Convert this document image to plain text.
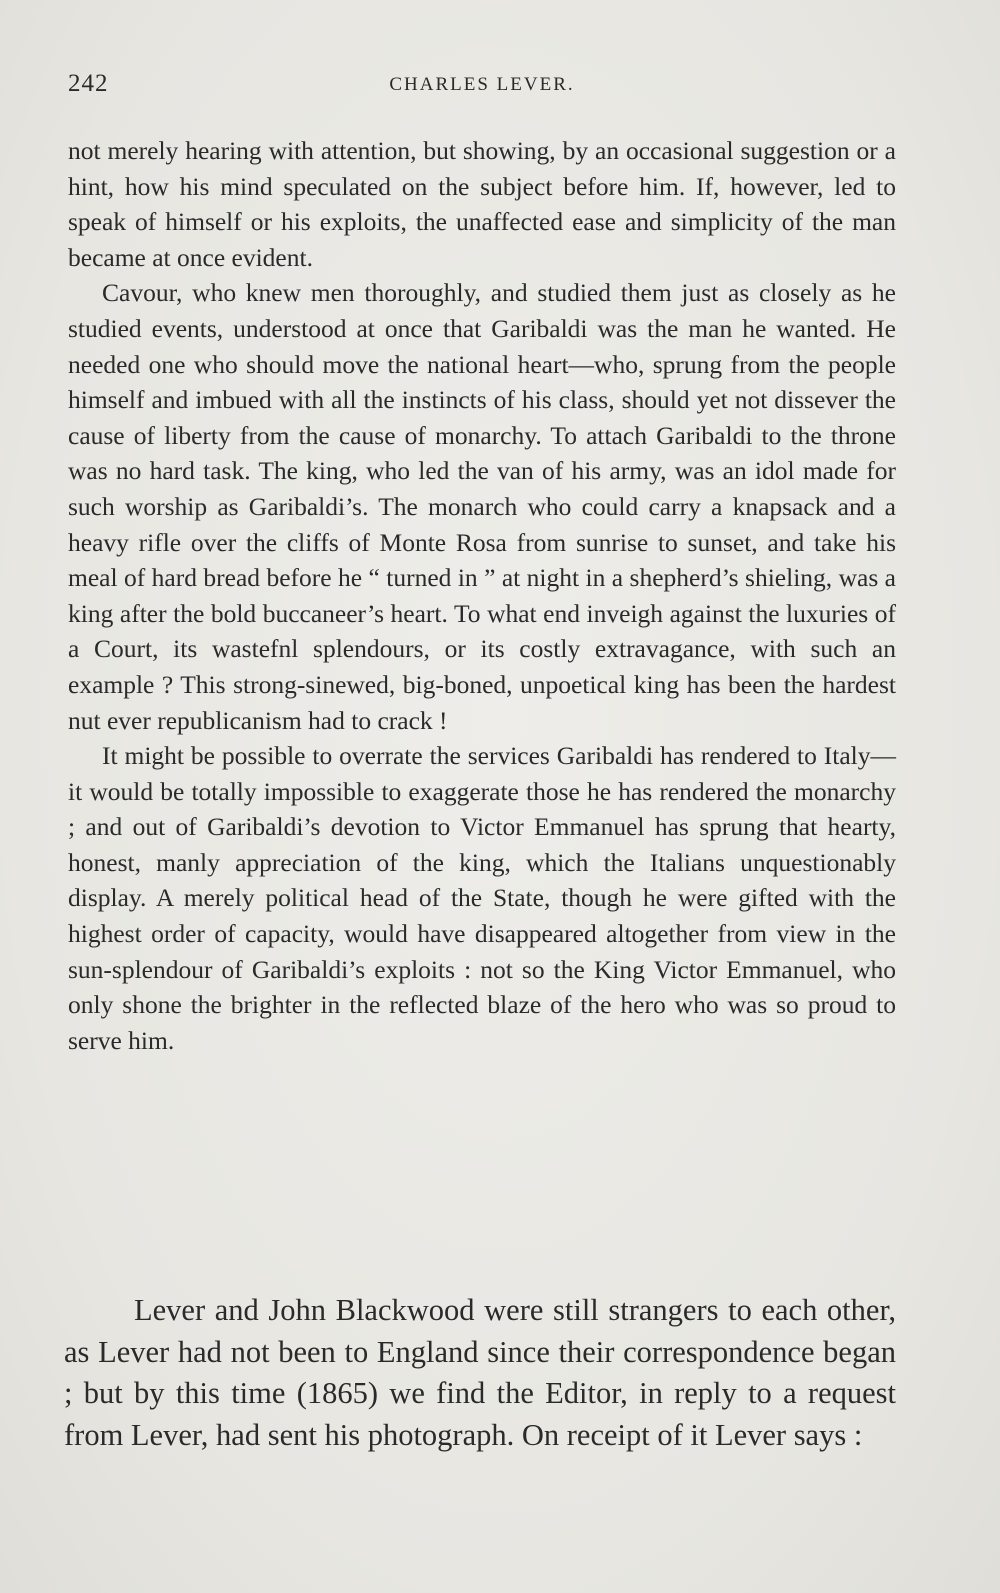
242	CHARLES LEVER.

not merely hearing with attention, but showing, by an occasional suggestion or a hint, how his mind speculated on the subject before him. If, however, led to speak of himself or his exploits, the unaffected ease and simplicity of the man became at once evident.

Cavour, who knew men thoroughly, and studied them just as closely as he studied events, understood at once that Garibaldi was the man he wanted. He needed one who should move the national heart—who, sprung from the people himself and imbued with all the instincts of his class, should yet not dissever the cause of liberty from the cause of monarchy. To attach Garibaldi to the throne was no hard task. The king, who led the van of his army, was an idol made for such worship as Garibaldi’s. The monarch who could carry a knapsack and a heavy rifle over the cliffs of Monte Rosa from sunrise to sunset, and take his meal of hard bread before he “ turned in ” at night in a shepherd’s shieling, was a king after the bold buccaneer’s heart. To what end inveigh against the luxuries of a Court, its wastefnl splendours, or its costly extravagance, with such an example ? This strong-sinewed, big-boned, unpoetical king has been the hardest nut ever republicanism had to crack !

It might be possible to overrate the services Garibaldi has rendered to Italy—it would be totally impossible to exaggerate those he has rendered the monarchy ; and out of Garibaldi’s devotion to Victor Emmanuel has sprung that hearty, honest, manly appreciation of the king, which the Italians unquestionably display. A merely political head of the State, though he were gifted with the highest order of capacity, would have disappeared altogether from view in the sun-splendour of Garibaldi’s exploits : not so the King Victor Emmanuel, who only shone the brighter in the reflected blaze of the hero who was so proud to serve him.

Lever and John Blackwood were still strangers to each other, as Lever had not been to England since their correspondence began ; but by this time (1865) we find the Editor, in reply to a request from Lever, had sent his photograph. On receipt of it Lever says :
